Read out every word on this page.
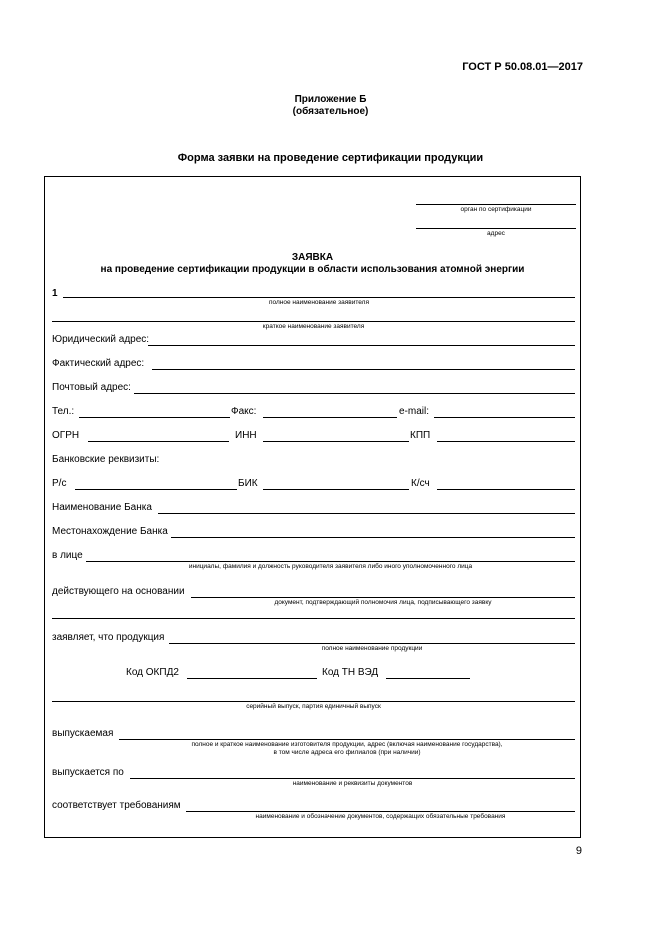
ГОСТ Р 50.08.01—2017
Приложение Б
(обязательное)
Форма заявки на проведение сертификации продукции
орган по сертификации
адрес
ЗАЯВКА
на проведение сертификации продукции в области использования атомной энергии
1
полное наименование заявителя
краткое наименование заявителя
Юридический адрес:
Фактический адрес:
Почтовый адрес:
Тел.:	Факс:	e-mail:
ОГРН	ИНН	КПП
Банковские реквизиты:
Р/с	БИК	К/сч
Наименование Банка
Местонахождение Банка
в лице
инициалы, фамилия и должность руководителя заявителя либо иного уполномоченного лица
действующего на основании
документ, подтверждающий полномочия лица, подписывающего заявку
заявляет, что продукция
полное наименование продукции
Код ОКПД2	Код ТН ВЭД
серийный выпуск, партия единичный выпуск
выпускаемая
полное и краткое наименование изготовителя продукции, адрес (включая наименование государства),
в том числе адреса его филиалов (при наличии)
выпускается по
наименование и реквизиты документов
соответствует требованиям
наименование и обозначение документов, содержащих обязательные требования
9
